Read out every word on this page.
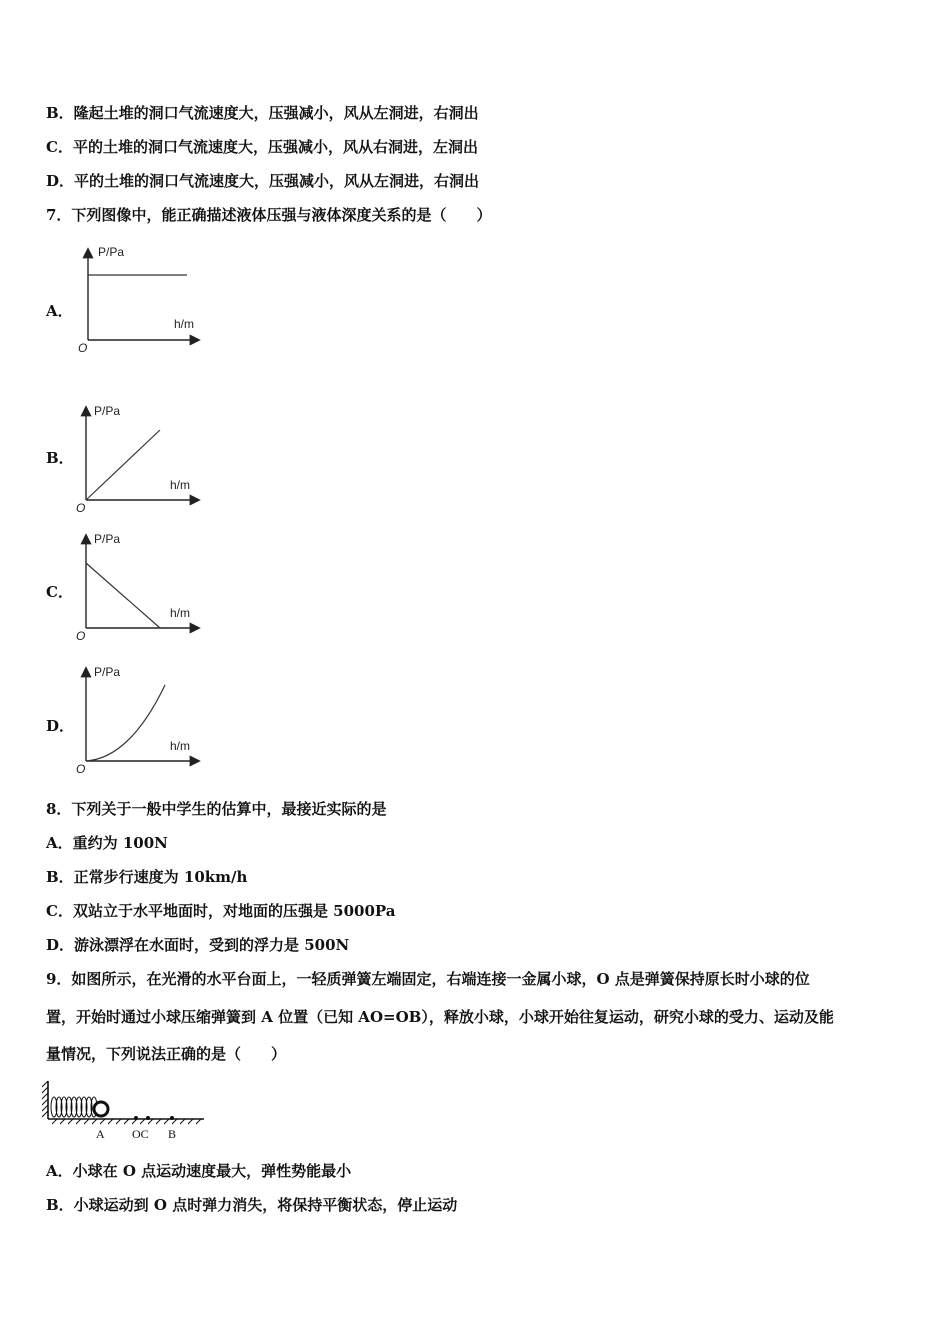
B．隆起土堆的洞口气流速度大，压强减小，风从左洞进，右洞出
C．平的土堆的洞口气流速度大，压强减小，风从右洞进，左洞出
D．平的土堆的洞口气流速度大，压强减小，风从左洞进，右洞出
7．下列图像中，能正确描述液体压强与液体深度关系的是（　　）
A．
P/Pa
h/m
O
B．
P/Pa
h/m
O
C．
P/Pa
h/m
O
D．
P/Pa
h/m
O
8．下列关于一般中学生的估算中，最接近实际的是
A．重约为 100N
B．正常步行速度为 10km/h
C．双站立于水平地面时，对地面的压强是 5000Pa
D．游泳漂浮在水面时，受到的浮力是 500N
9．如图所示，在光滑的水平台面上，一轻质弹簧左端固定，右端连接一金属小球，O 点是弹簧保持原长时小球的位
置，开始时通过小球压缩弹簧到 A 位置（已知 AO=OB），释放小球，小球开始往复运动，研究小球的受力、运动及能
量情况，下列说法正确的是（　　）
A OC B
A．小球在 O 点运动速度最大，弹性势能最小
B．小球运动到 O 点时弹力消失，将保持平衡状态，停止运动
